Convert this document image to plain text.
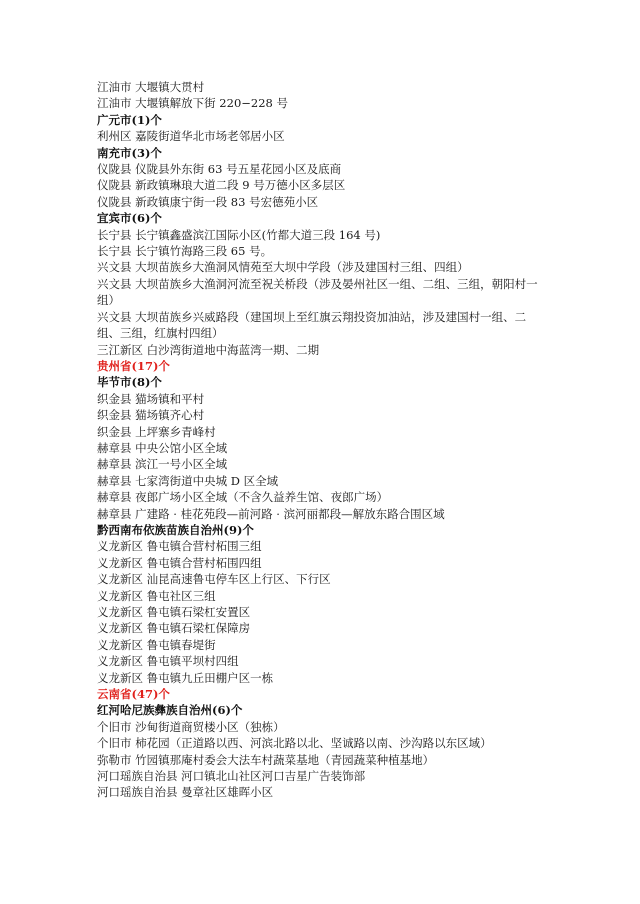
江油市 大堰镇大贯村
江油市 大堰镇解放下街 220−228 号
广元市(1)个
利州区 嘉陵街道华北市场老邻居小区
南充市(3)个
仪陇县 仪陇县外东街 63 号五星花园小区及底商
仪陇县 新政镇琳琅大道二段 9 号万德小区多层区
仪陇县 新政镇康宁街一段 83 号宏德苑小区
宜宾市(6)个
长宁县 长宁镇鑫盛滨江国际小区(竹都大道三段 164 号)
长宁县 长宁镇竹海路三段 65 号。
兴文县 大坝苗族乡大渔洞风情苑至大坝中学段（涉及建国村三组、四组）
兴文县 大坝苗族乡大渔洞河流至祝关桥段（涉及晏州社区一组、二组、三组，朝阳村一组）
兴文县 大坝苗族乡兴威路段（建国坝上至红旗云翔投资加油站，涉及建国村一组、二组、三组，红旗村四组）
三江新区 白沙湾街道地中海蓝湾一期、二期
贵州省(17)个
毕节市(8)个
织金县 猫场镇和平村
织金县 猫场镇齐心村
织金县 上坪寨乡青峰村
赫章县 中央公馆小区全域
赫章县 滨江一号小区全域
赫章县 七家湾街道中央城 D 区全域
赫章县 夜郎广场小区全域（不含久益养生馆、夜郎广场）
赫章县 广建路 · 桂花苑段—前河路 · 滨河丽都段—解放东路合围区域
黔西南布依族苗族自治州(9)个
义龙新区 鲁屯镇合营村柘围三组
义龙新区 鲁屯镇合营村柘围四组
义龙新区 汕昆高速鲁屯停车区上行区、下行区
义龙新区 鲁屯社区三组
义龙新区 鲁屯镇石梁杠安置区
义龙新区 鲁屯镇石梁杠保障房
义龙新区 鲁屯镇春堤街
义龙新区 鲁屯镇平坝村四组
义龙新区 鲁屯镇九丘田棚户区一栋
云南省(47)个
红河哈尼族彝族自治州(6)个
个旧市 沙甸街道商贸楼小区（独栋）
个旧市 柿花园（正道路以西、河滨北路以北、坚诚路以南、沙沟路以东区域）
弥勒市 竹园镇那庵村委会大法车村蔬菜基地（青园蔬菜种植基地）
河口瑶族自治县 河口镇北山社区河口吉星广告装饰部
河口瑶族自治县 曼章社区雄晖小区
